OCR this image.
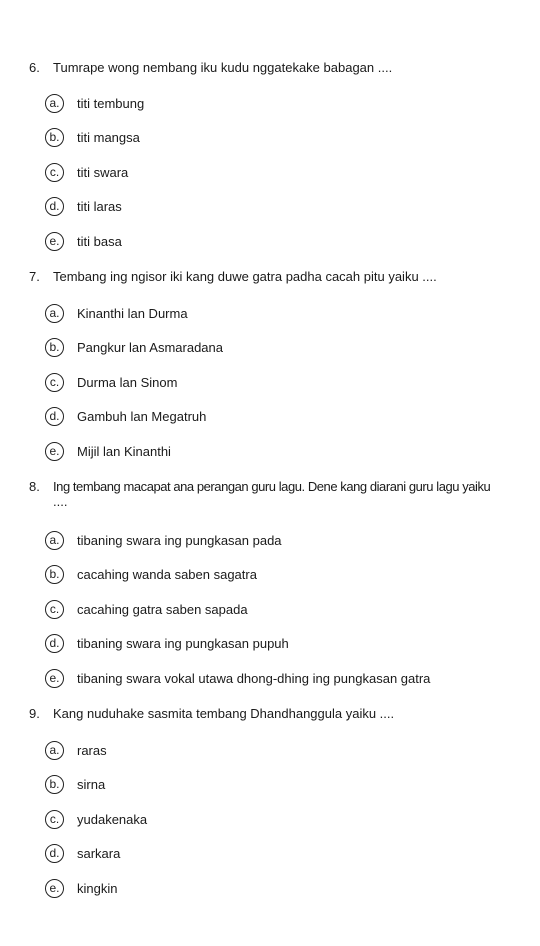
6. Tumrape wong nembang iku kudu nggatekake babagan ....
a.	titi tembung
b.	titi mangsa
c.	titi swara
d.	titi laras
e.	titi basa
7. Tembang ing ngisor iki kang duwe gatra padha cacah pitu yaiku ....
a.	Kinanthi lan Durma
b.	Pangkur lan Asmaradana
c.	Durma lan Sinom
d.	Gambuh lan Megatruh
e.	Mijil lan Kinanthi
8. Ing tembang macapat ana perangan guru lagu. Dene kang diarani guru lagu yaiku
....
a.	tibaning swara ing pungkasan pada
b.	cacahing wanda saben sagatra
c.	cacahing gatra saben sapada
d.	tibaning swara ing pungkasan pupuh
e.	tibaning swara vokal utawa dhong-dhing ing pungkasan gatra
9. Kang nuduhake sasmita tembang Dhandhanggula yaiku ....
a.	raras
b.	sirna
c.	yudakenaka
d.	sarkara
e.	kingkin
